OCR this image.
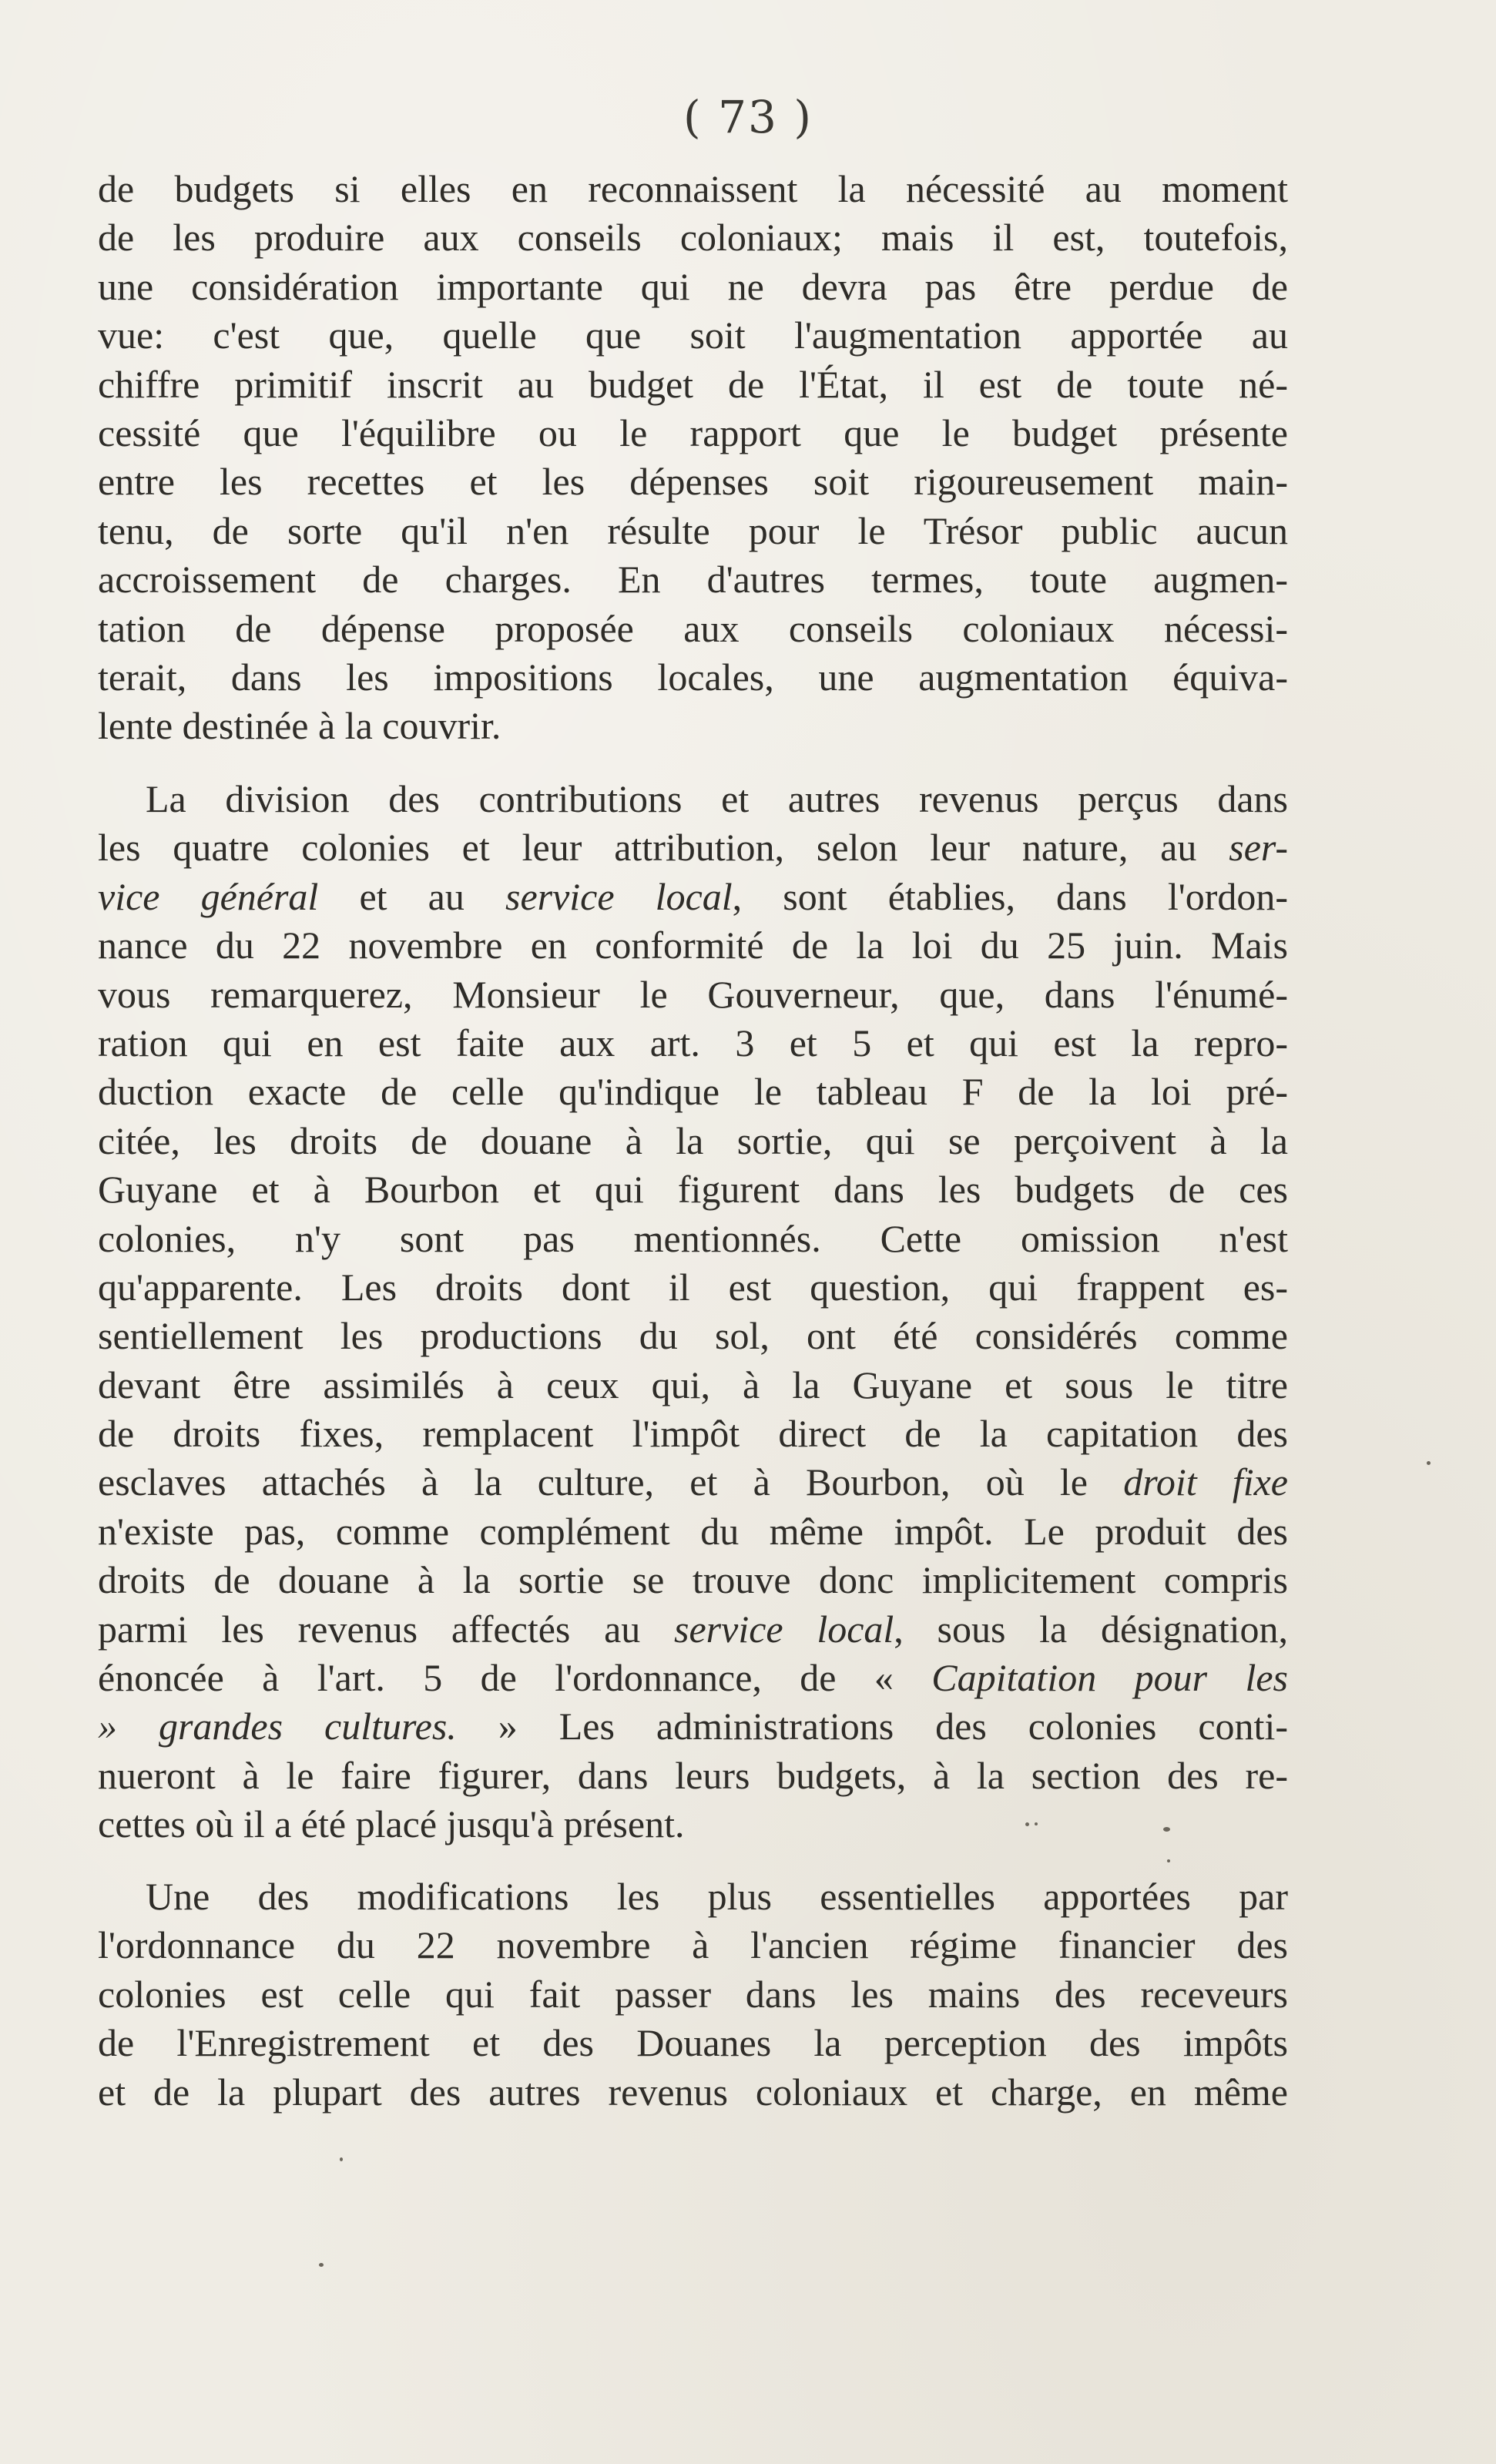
( 73 )
de budgets si elles en reconnaissent la nécessité au moment
de les produire aux conseils coloniaux; mais il est, toutefois,
une considération importante qui ne devra pas être perdue de
vue: c'est que, quelle que soit l'augmentation apportée au
chiffre primitif inscrit au budget de l'État, il est de toute né-
cessité que l'équilibre ou le rapport que le budget présente
entre les recettes et les dépenses soit rigoureusement main-
tenu, de sorte qu'il n'en résulte pour le Trésor public aucun
accroissement de charges. En d'autres termes, toute augmen-
tation de dépense proposée aux conseils coloniaux nécessi-
terait, dans les impositions locales, une augmentation équiva-
lente destinée à la couvrir.
La division des contributions et autres revenus perçus dans
les quatre colonies et leur attribution, selon leur nature, au ser-
vice général et au service local, sont établies, dans l'ordon-
nance du 22 novembre en conformité de la loi du 25 juin. Mais
vous remarquerez, Monsieur le Gouverneur, que, dans l'énumé-
ration qui en est faite aux art. 3 et 5 et qui est la repro-
duction exacte de celle qu'indique le tableau F de la loi pré-
citée, les droits de douane à la sortie, qui se perçoivent à la
Guyane et à Bourbon et qui figurent dans les budgets de ces
colonies, n'y sont pas mentionnés. Cette omission n'est
qu'apparente. Les droits dont il est question, qui frappent es-
sentiellement les productions du sol, ont été considérés comme
devant être assimilés à ceux qui, à la Guyane et sous le titre
de droits fixes, remplacent l'impôt direct de la capitation des
esclaves attachés à la culture, et à Bourbon, où le droit fixe
n'existe pas, comme complément du même impôt. Le produit des
droits de douane à la sortie se trouve donc implicitement compris
parmi les revenus affectés au service local, sous la désignation,
énoncée à l'art. 5 de l'ordonnance, de « Capitation pour les
» grandes cultures. » Les administrations des colonies conti-
nueront à le faire figurer, dans leurs budgets, à la section des re-
cettes où il a été placé jusqu'à présent.
Une des modifications les plus essentielles apportées par
l'ordonnance du 22 novembre à l'ancien régime financier des
colonies est celle qui fait passer dans les mains des receveurs
de l'Enregistrement et des Douanes la perception des impôts
et de la plupart des autres revenus coloniaux et charge, en même
